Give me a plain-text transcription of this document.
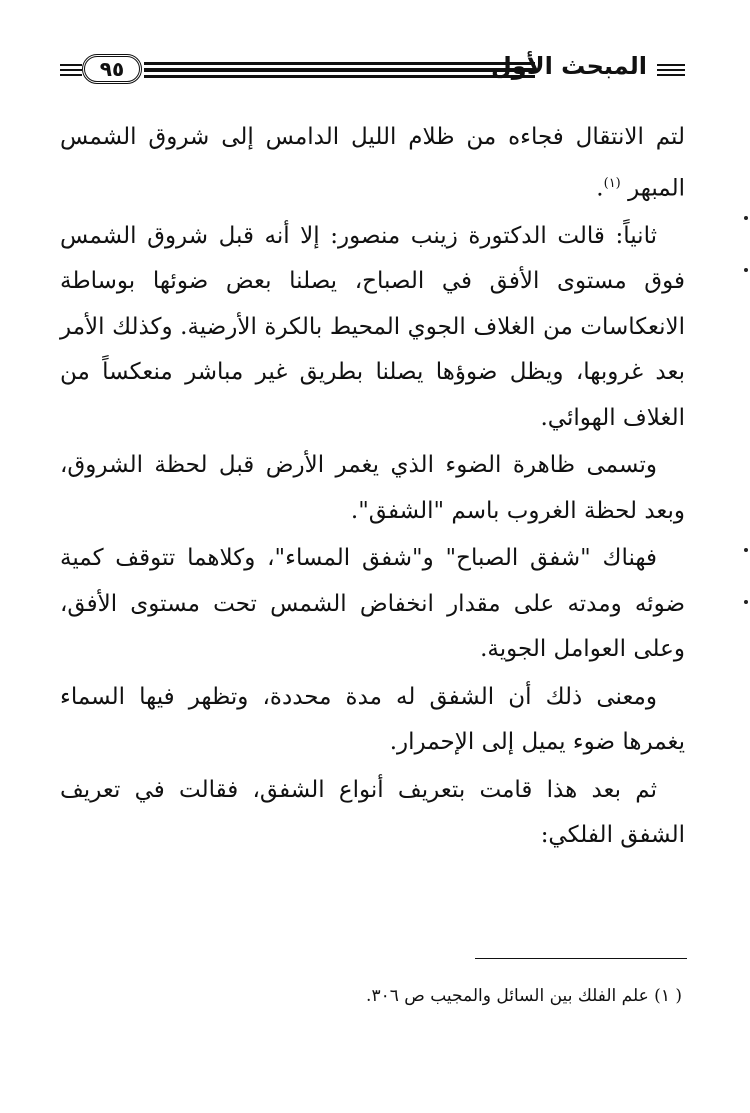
٩٥	المبحث الأول

لتم الانتقال فجاءه من ظلام الليل الدامس إلى شروق الشمس المبهر $^{(١)}$.

ثانياً: قالت الدكتورة زينب منصور: إلا أنه قبل شروق الشمس فوق مستوى الأفق في الصباح، يصلنا بعض ضوئها بوساطة الانعكاسات من الغلاف الجوي المحيط بالكرة الأرضية. وكذلك الأمر بعد غروبها، ويظل ضوؤها يصلنا بطريق غير مباشر منعكساً من الغلاف الهوائي.

وتسمى ظاهرة الضوء الذي يغمر الأرض قبل لحظة الشروق، وبعد لحظة الغروب باسم "الشفق".

فهناك "شفق الصباح" و"شفق المساء"، وكلاهما تتوقف كمية ضوئه ومدته على مقدار انخفاض الشمس تحت مستوى الأفق، وعلى العوامل الجوية.

ومعنى ذلك أن الشفق له مدة محددة، وتظهر فيها السماء يغمرها ضوء يميل إلى الإحمرار.

ثم بعد هذا قامت بتعريف أنواع الشفق، فقالت في تعريف الشفق الفلكي:

( ١) علم الفلك بين السائل والمجيب ص ٣٠٦.
